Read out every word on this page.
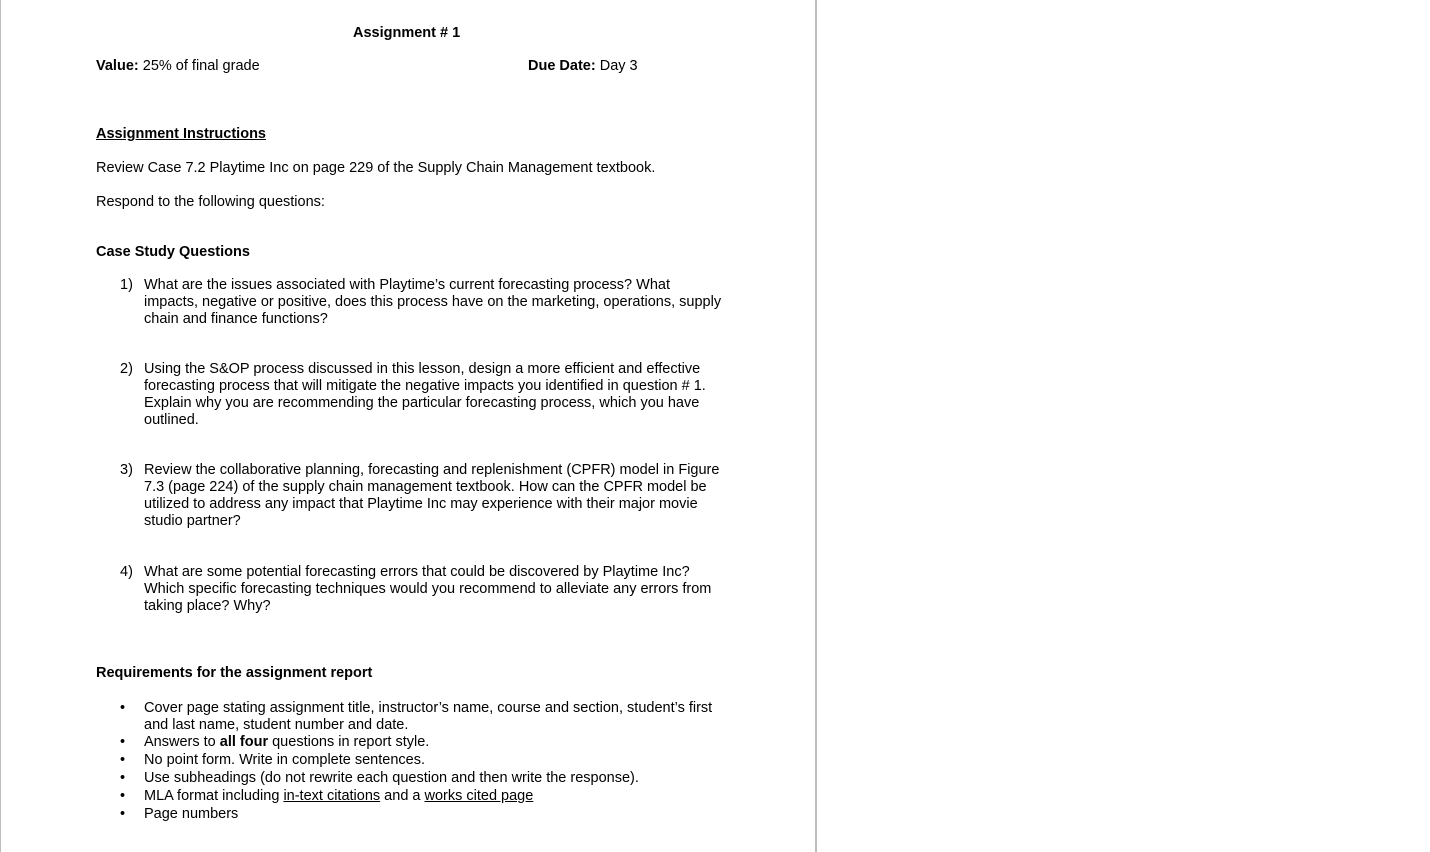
Assignment # 1
Value: 25% of final grade	Due Date: Day 3
Assignment Instructions
Review Case 7.2 Playtime Inc on page 229 of the Supply Chain Management textbook.
Respond to the following questions:
Case Study Questions
1) What are the issues associated with Playtime’s current forecasting process? What impacts, negative or positive, does this process have on the marketing, operations, supply chain and finance functions?
2) Using the S&OP process discussed in this lesson, design a more efficient and effective forecasting process that will mitigate the negative impacts you identified in question # 1. Explain why you are recommending the particular forecasting process, which you have outlined.
3) Review the collaborative planning, forecasting and replenishment (CPFR) model in Figure 7.3 (page 224) of the supply chain management textbook. How can the CPFR model be utilized to address any impact that Playtime Inc may experience with their major movie studio partner?
4) What are some potential forecasting errors that could be discovered by Playtime Inc? Which specific forecasting techniques would you recommend to alleviate any errors from taking place? Why?
Requirements for the assignment report
• Cover page stating assignment title, instructor’s name, course and section, student’s first and last name, student number and date.
• Answers to all four questions in report style.
• No point form. Write in complete sentences.
• Use subheadings (do not rewrite each question and then write the response).
• MLA format including in-text citations and a works cited page
• Page numbers
